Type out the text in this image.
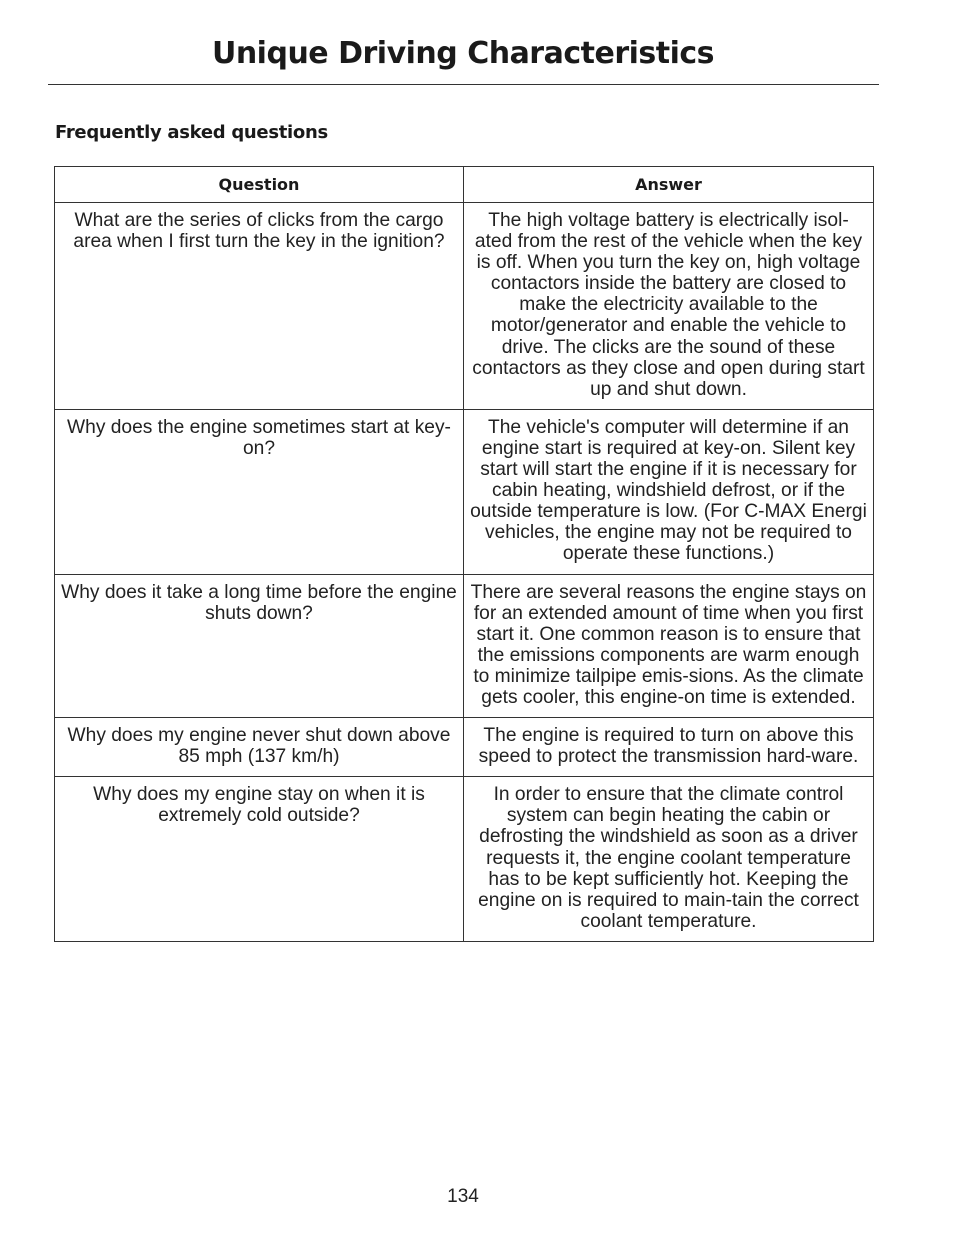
Unique Driving Characteristics
Frequently asked questions
Question	Answer
What are the series of clicks from the cargo area when I first turn the key in the ignition?	The high voltage battery is electrically isol-ated from the rest of the vehicle when the key is off. When you turn the key on, high voltage contactors inside the battery are closed to make the electricity available to the motor/generator and enable the vehicle to drive. The clicks are the sound of these contactors as they close and open during start up and shut down.
Why does the engine sometimes start at key-on?	The vehicle's computer will determine if an engine start is required at key-on. Silent key start will start the engine if it is necessary for cabin heating, windshield defrost, or if the outside temperature is low. (For C-MAX Energi vehicles, the engine may not be required to operate these functions.)
Why does it take a long time before the engine shuts down?	There are several reasons the engine stays on for an extended amount of time when you first start it. One common reason is to ensure that the emissions components are warm enough to minimize tailpipe emis-sions. As the climate gets cooler, this engine-on time is extended.
Why does my engine never shut down above 85 mph (137 km/h)	The engine is required to turn on above this speed to protect the transmission hard-ware.
Why does my engine stay on when it is extremely cold outside?	In order to ensure that the climate control system can begin heating the cabin or defrosting the windshield as soon as a driver requests it, the engine coolant temperature has to be kept sufficiently hot. Keeping the engine on is required to main-tain the correct coolant temperature.
134
